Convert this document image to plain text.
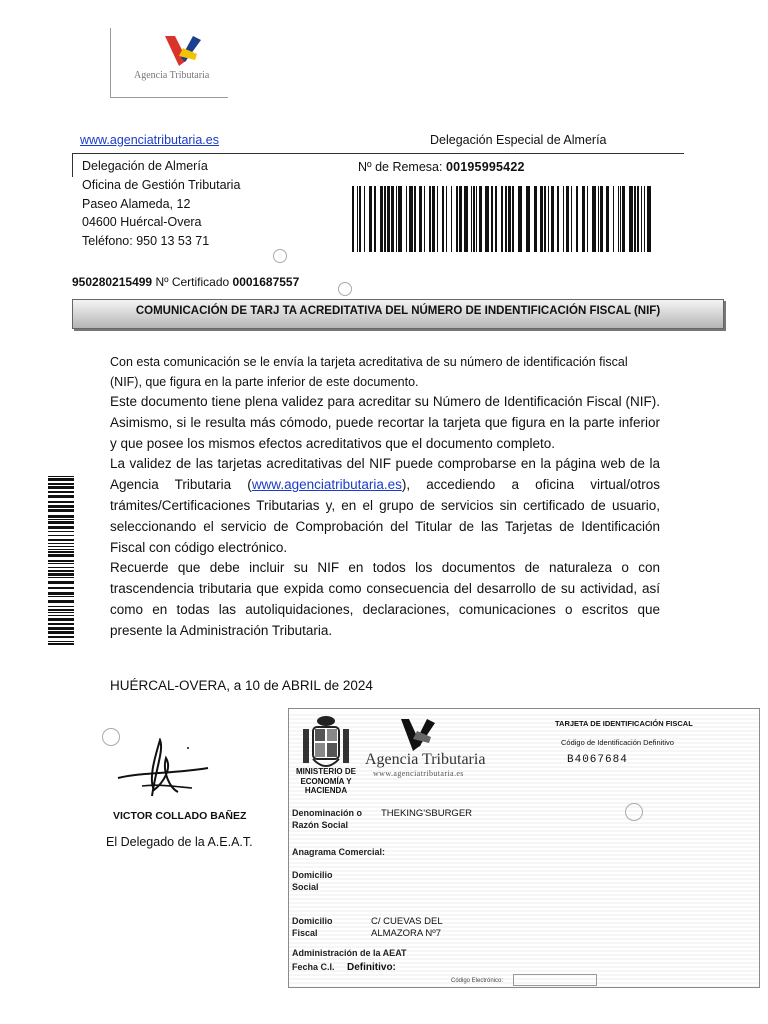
Agencia Tributaria
www.agenciatributaria.es	Delegación Especial de Almería
Delegación de Almería
Oficina de Gestión Tributaria
Paseo Alameda, 12
04600 Huércal-Overa
Teléfono: 950 13 53 71
Nº de Remesa: 00195995422
950280215499 Nº Certificado 0001687557
COMUNICACIÓN DE TARJ TA ACREDITATIVA DEL NÚMERO DE INDENTIFICACIÓN FISCAL (NIF)
Con esta comunicación se le envía la tarjeta acreditativa de su número de identificación fiscal (NIF), que figura en la parte inferior de este documento.
Este documento tiene plena validez para acreditar su Número de Identificación Fiscal (NIF). Asimismo, si le resulta más cómodo, puede recortar la tarjeta que figura en la parte inferior y que posee los mismos efectos acreditativos que el documento completo.
La validez de las tarjetas acreditativas del NIF puede comprobarse en la página web de la Agencia Tributaria (www.agenciatributaria.es), accediendo a oficina virtual/otros trámites/Certificaciones Tributarias y, en el grupo de servicios sin certificado de usuario, seleccionando el servicio de Comprobación del Titular de las Tarjetas de Identificación Fiscal con código electrónico.
Recuerde que debe incluir su NIF en todos los documentos de naturaleza o con trascendencia tributaria que expida como consecuencia del desarrollo de su actividad, así como en todas las autoliquidaciones, declaraciones, comunicaciones o escritos que presente la Administración Tributaria.
HUÉRCAL-OVERA, a 10 de ABRIL de 2024
VICTOR COLLADO BAÑEZ
El Delegado de la A.E.A.T.
MINISTERIO DE ECONOMÍA Y HACIENDA
Agencia Tributaria
www.agenciatributaria.es
TARJETA DE IDENTIFICACIÓN FISCAL
Código de Identificación Definitivo
B4067684
Denominación o Razón Social
THEKING'SBURGER
Anagrama Comercial:
Domicilio Social
Domicilio Fiscal
C/ CUEVAS DEL ALMAZORA Nº7
Administración de la AEAT
Fecha C.I. Definitivo:
Código Electrónico:
